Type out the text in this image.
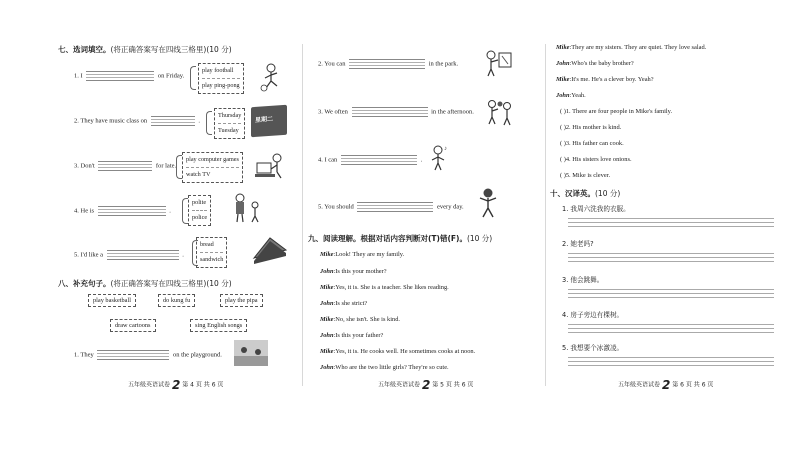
七、选词填空。(将正确答案写在四线三格里)(10 分)
1. I	on Friday.
play football
play ping-pong
2. They have music class on	.
Thursday
Tuesday
星期二
3. Don't	for late.
play computer games
watch TV
4. He is	.
polite
police
5. I'd like a	.
bread
sandwich
八、补充句子。(将正确答案写在四线三格里)(10 分)
play basketball	do kung fu	play the pipa
draw cartoons	sing English songs
1. They	on the playground.
五年级英语试卷 2 第 4 页 共 6 页
2. You can	in the park.
3. We often	in the afternoon.
4. I can	.
♪
5. You should	every day.
九、阅读理解。根据对话内容判断对(T)错(F)。(10 分)
Mike:Look! They are my family.
John:Is this your mother?
Mike:Yes, it is. She is a teacher. She likes reading.
John:Is she strict?
Mike:No, she isn't. She is kind.
John:Is this your father?
Mike:Yes, it is. He cooks well. He sometimes cooks at noon.
John:Who are the two little girls? They're so cute.
五年级英语试卷 2 第 5 页 共 6 页
Mike:They are my sisters. They are quiet. They love salad.
John:Who's the baby brother?
Mike:It's me. He's a clever boy. Yeah?
John:Yeah.
( )1. There are four people in Mike's family.
( )2. His mother is kind.
( )3. His father can cook.
( )4. His sisters love onions.
( )5. Mike is clever.
十、汉译英。(10 分)
1. 我周六洗我的衣服。
2. 她老吗?
3. 他会跳舞。
4. 房子旁边有棵树。
5. 我想要个冰激凌。
五年级英语试卷 2 第 6 页 共 6 页
